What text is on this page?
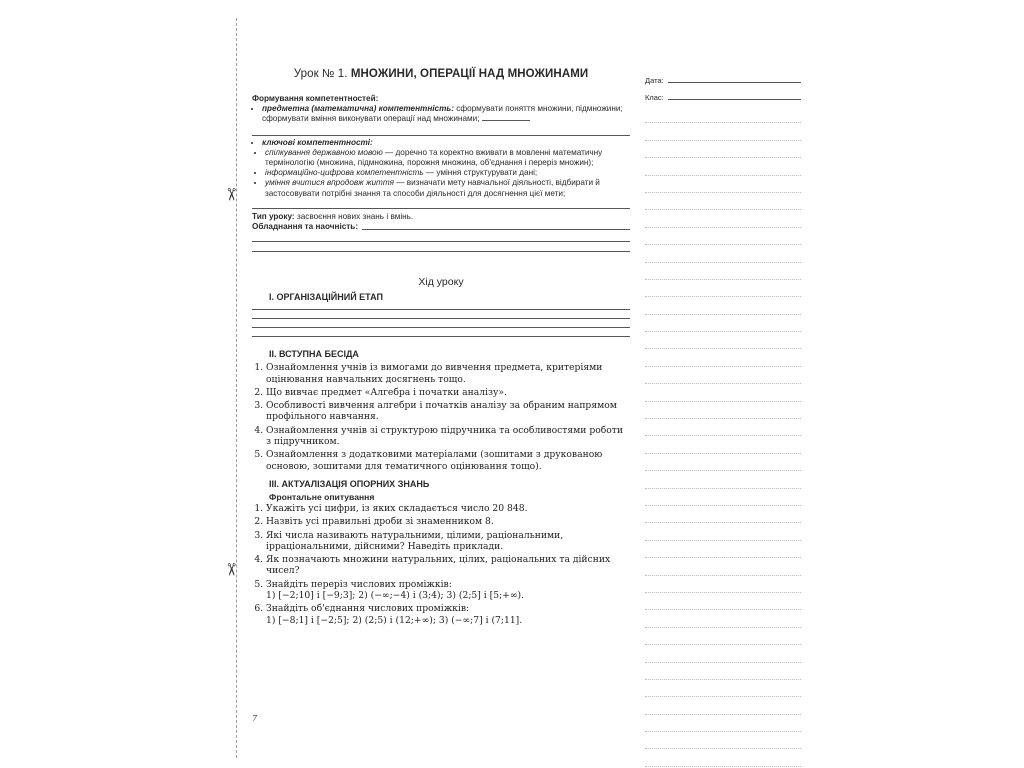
✂
✂
Урок № 1. МНОЖИНИ, ОПЕРАЦІЇ НАД МНОЖИНАМИ
Формування компетентностей:
• предметна (математична) компетентність: сформувати поняття множини, підмножини; сформувати вміння виконувати операції над множинами;
• ключові компетентності:
• спілкування державною мовою — доречно та коректно вживати в мовленні математичну термінологію (множина, підмножина, порожня множина, об'єднання і переріз множин);
• інформаційно-цифрова компетентність — уміння структурувати дані;
• уміння вчитися впродовж життя — визначати мету навчальної діяльності, відбирати й застосовувати потрібні знання та способи діяльності для досягнення цієї мети;
Тип уроку: засвоєння нових знань і вмінь.
Обладнання та наочність:
Хід уроку
I. ОРГАНІЗАЦІЙНИЙ ЕТАП
II. ВСТУПНА БЕСІДА
1. Ознайомлення учнів із вимогами до вивчення предмета, критеріями оцінювання навчальних досягнень тощо.
2. Що вивчає предмет «Алгебра і початки аналізу».
3. Особливості вивчення алгебри і початків аналізу за обраним напрямом профільного навчання.
4. Ознайомлення учнів зі структурою підручника та особливостями роботи з підручником.
5. Ознайомлення з додатковими матеріалами (зошитами з друкованою основою, зошитами для тематичного оцінювання тощо).
III. АКТУАЛІЗАЦІЯ ОПОРНИХ ЗНАНЬ
Фронтальне опитування
1. Укажіть усі цифри, із яких складається число 20 848.
2. Назвіть усі правильні дроби зі знаменником 8.
3. Які числа називають натуральними, цілими, раціональними, ірраціональними, дійсними? Наведіть приклади.
4. Як позначають множини натуральних, цілих, раціональних та дійсних чисел?
5. Знайдіть переріз числових проміжків:
1) [−2;10] і [−9;3]; 2) (−∞;−4) і (3;4); 3) (2;5] і [5;+∞).
6. Знайдіть об'єднання числових проміжків:
1) [−8;1] і [−2;5]; 2) (2;5) і (12;+∞); 3) (−∞;7] і (7;11].
7
Дата:
Клас:
